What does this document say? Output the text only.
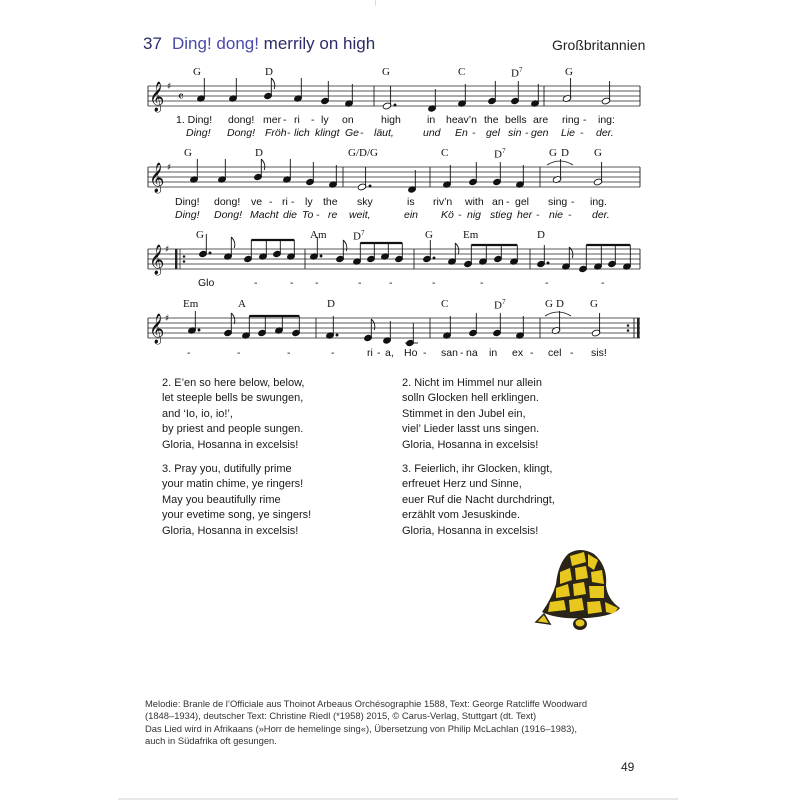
37 Ding! dong! merrily on high	Großbritannien
𝄞
𝄞
𝄞
𝄞
♯
♯
♯
♯
𝄴
G	D	G	C	$D^7$	G
1. Ding! dong! mer - ri - ly on	high in heav’n the bells are ring - ing:
Ding! Dong! Fröh - lich klingt Ge - läut,	und En - gel sin - gen Lie - der.
G	D	G/D/G	C	$D^7$	G D G
Ding! dong! ve - ri - ly the sky	is riv’n with an - gel sing - ing.
Ding! Dong! Macht die To - re weit,	ein Kö - nig stieg her - nie - der.
G	Am $D^7$	G	Em	D
Glo	-	- -	-	-	-	-	-	-
Em	A	D	C	$D^7$	G D G
-	-	-	-	ri - a, Ho - san - na in ex - cel - sis!
2. E’en so here below, below,
let steeple bells be swungen,
and ‘Io, io, io!’,
by priest and people sungen.
Gloria, Hosanna in excelsis!
2. Nicht im Himmel nur allein
solln Glocken hell erklingen.
Stimmet in den Jubel ein,
viel’ Lieder lasst uns singen.
Gloria, Hosanna in excelsis!
3. Pray you, dutifully prime
your matin chime, ye ringers!
May you beautifully rime
your evetime song, ye singers!
Gloria, Hosanna in excelsis!
3. Feierlich, ihr Glocken, klingt,
erfreuet Herz und Sinne,
euer Ruf die Nacht durchdringt,
erzählt vom Jesuskinde.
Gloria, Hosanna in excelsis!
Melodie: Branle de l’Officiale aus Thoinot Arbeaus Orchésographie 1588, Text: George Ratcliffe Woodward
(1848–1934), deutscher Text: Christine Riedl (*1958) 2015, © Carus-Verlag, Stuttgart (dt. Text)
Das Lied wird in Afrikaans (»Horr de hemelinge sing«), Übersetzung von Philip McLachlan (1916–1983),
auch in Südafrika oft gesungen.
49
